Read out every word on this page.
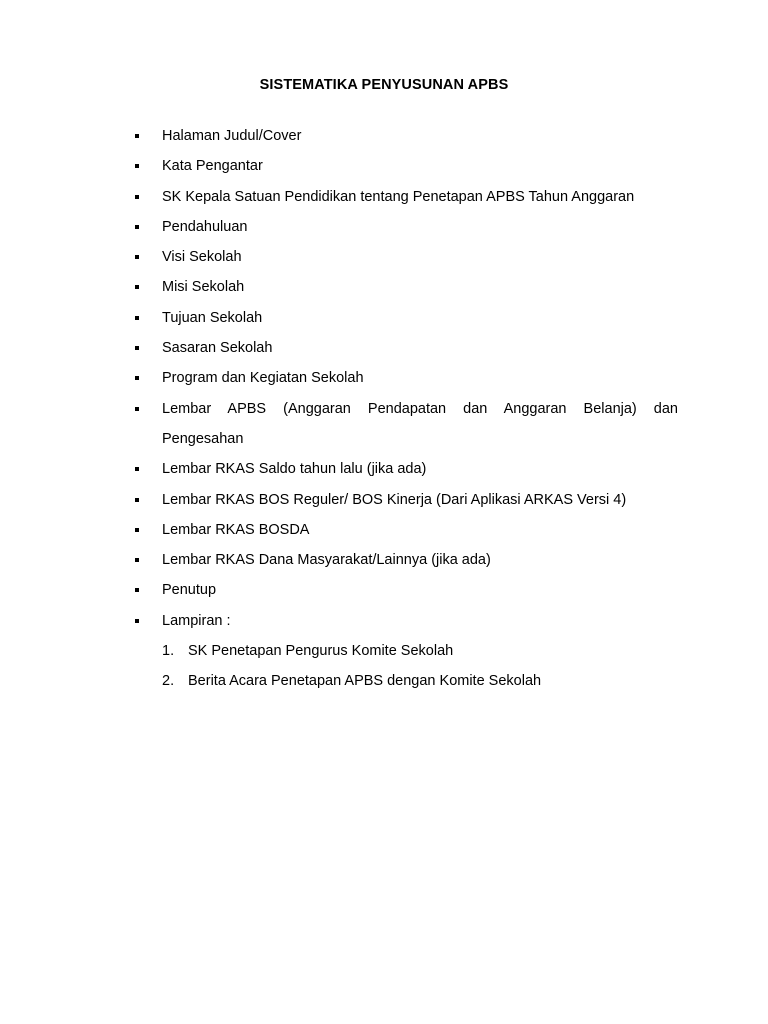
SISTEMATIKA PENYUSUNAN APBS
Halaman Judul/Cover
Kata Pengantar
SK Kepala Satuan Pendidikan tentang Penetapan APBS Tahun Anggaran
Pendahuluan
Visi Sekolah
Misi Sekolah
Tujuan Sekolah
Sasaran Sekolah
Program dan Kegiatan Sekolah
Lembar APBS (Anggaran Pendapatan dan Anggaran Belanja) dan
Pengesahan
Lembar RKAS Saldo tahun lalu (jika ada)
Lembar RKAS BOS Reguler/ BOS Kinerja (Dari Aplikasi ARKAS Versi 4)
Lembar RKAS BOSDA
Lembar RKAS Dana Masyarakat/Lainnya (jika ada)
Penutup
Lampiran :
1. SK Penetapan Pengurus Komite Sekolah
2. Berita Acara Penetapan APBS dengan Komite Sekolah
